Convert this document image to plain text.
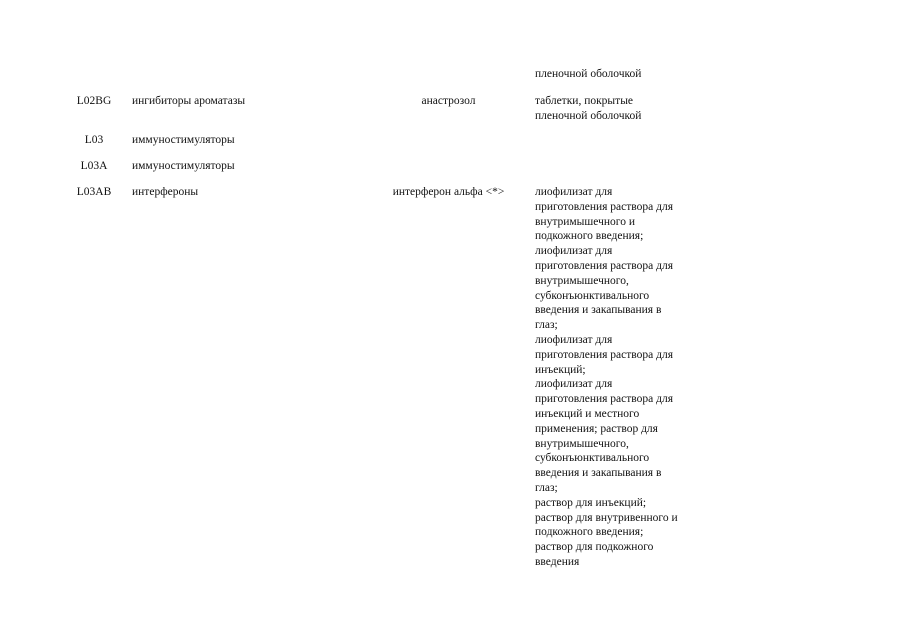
пленочной оболочкой
L02BG ингибиторы ароматазы	анастрозол	таблетки, покрытые
пленочной оболочкой
L03	иммуностимуляторы
L03A	иммуностимуляторы
L03AB интерфероны	интерферон альфа <*>	лиофилизат для
приготовления раствора для
внутримышечного и
подкожного введения;
лиофилизат для
приготовления раствора для
внутримышечного,
субконъюнктивального
введения и закапывания в
глаз;
лиофилизат для
приготовления раствора для
инъекций;
лиофилизат для
приготовления раствора для
инъекций и местного
применения; раствор для
внутримышечного,
субконъюнктивального
введения и закапывания в
глаз;
раствор для инъекций;
раствор для внутривенного и
подкожного введения;
раствор для подкожного
введения
